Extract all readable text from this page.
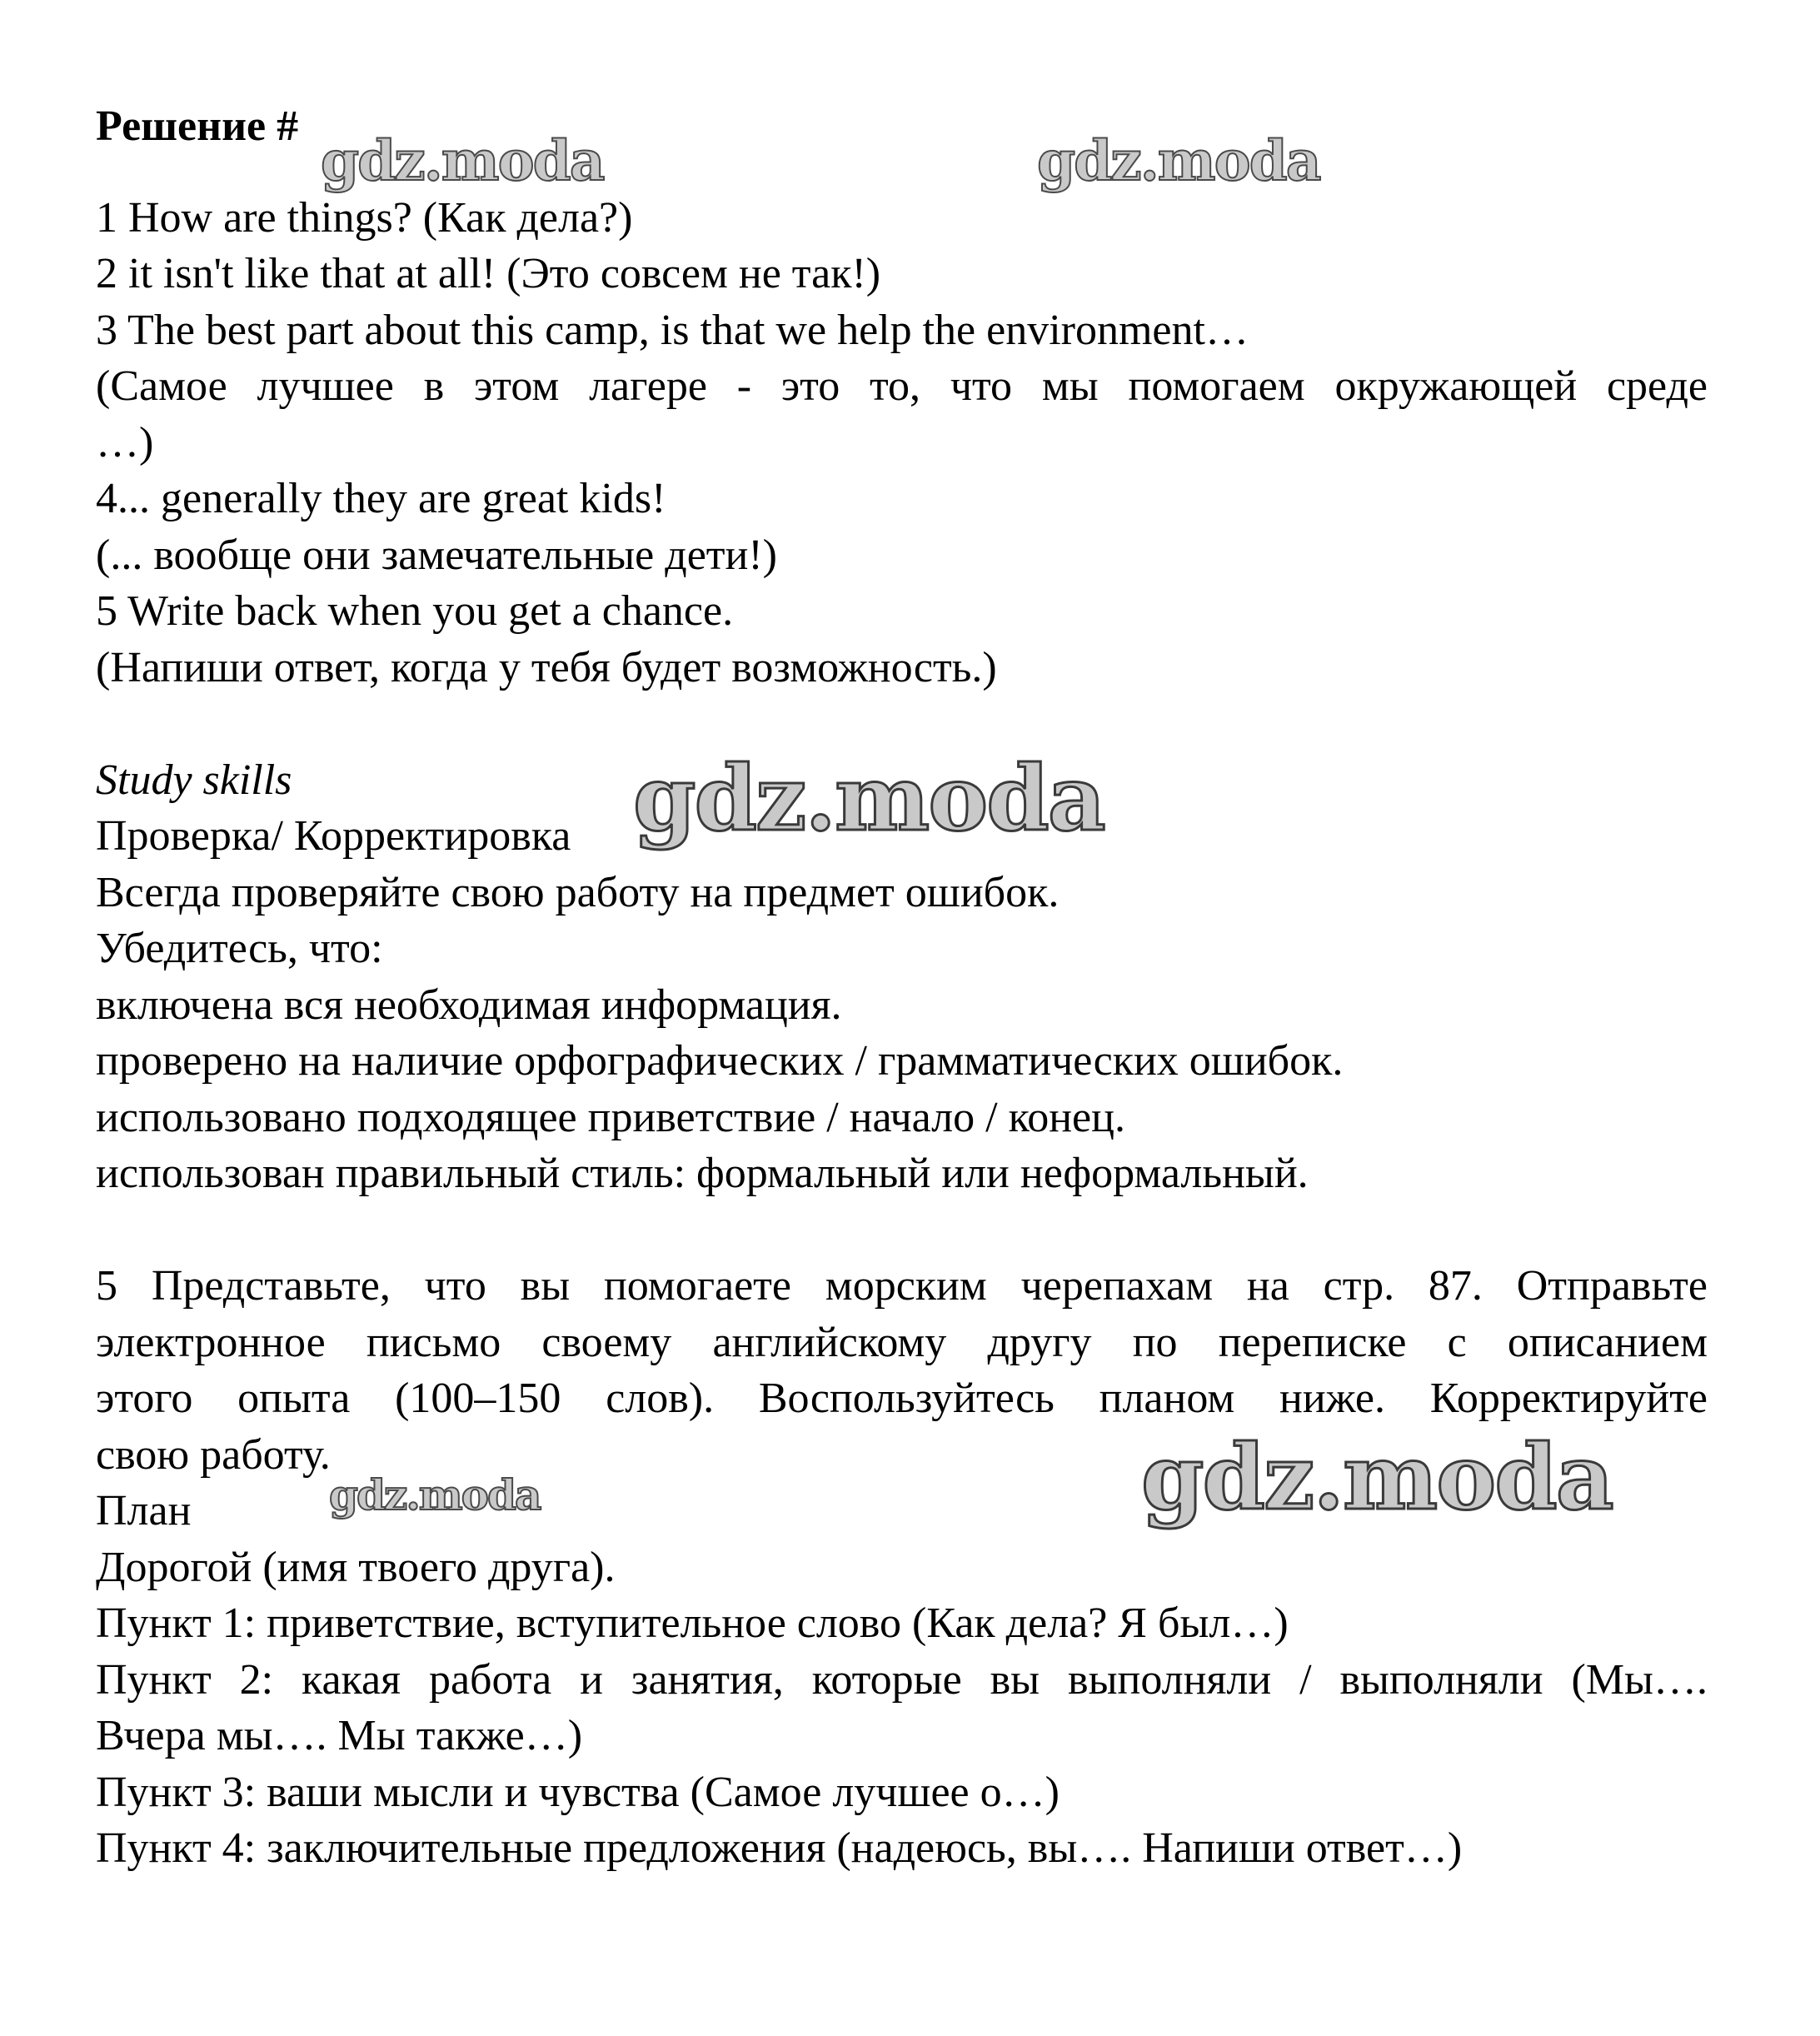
Решение #
1 How are things? (Как дела?)
2 it isn't like that at all! (Это совсем не так!)
3 The best part about this camp, is that we help the environment…
(Самое лучшее в этом лагере - это то, что мы помогаем окружающей среде
…)
4... generally they are great kids!
(... вообще они замечательные дети!)
5 Write back when you get a chance.
(Напиши ответ, когда у тебя будет возможность.)
Study skills
Проверка/ Корректировка
Всегда проверяйте свою работу на предмет ошибок.
Убедитесь, что:
включена вся необходимая информация.
проверено на наличие орфографических / грамматических ошибок.
использовано подходящее приветствие / начало / конец.
использован правильный стиль: формальный или неформальный.
5 Представьте, что вы помогаете морским черепахам на стр. 87. Отправьте
электронное письмо своему английскому другу по переписке с описанием
этого опыта (100–150 слов). Воспользуйтесь планом ниже. Корректируйте
свою работу.
План
Дорогой (имя твоего друга).
Пункт 1: приветствие, вступительное слово (Как дела? Я был…)
Пункт 2: какая работа и занятия, которые вы выполняли / выполняли (Мы….
Вчера мы…. Мы также…)
Пункт 3: ваши мысли и чувства (Самое лучшее о…)
Пункт 4: заключительные предложения (надеюсь, вы…. Напиши ответ…)
gdz.moda	gdz.moda
gdz.moda
gdz.moda	gdz.moda
